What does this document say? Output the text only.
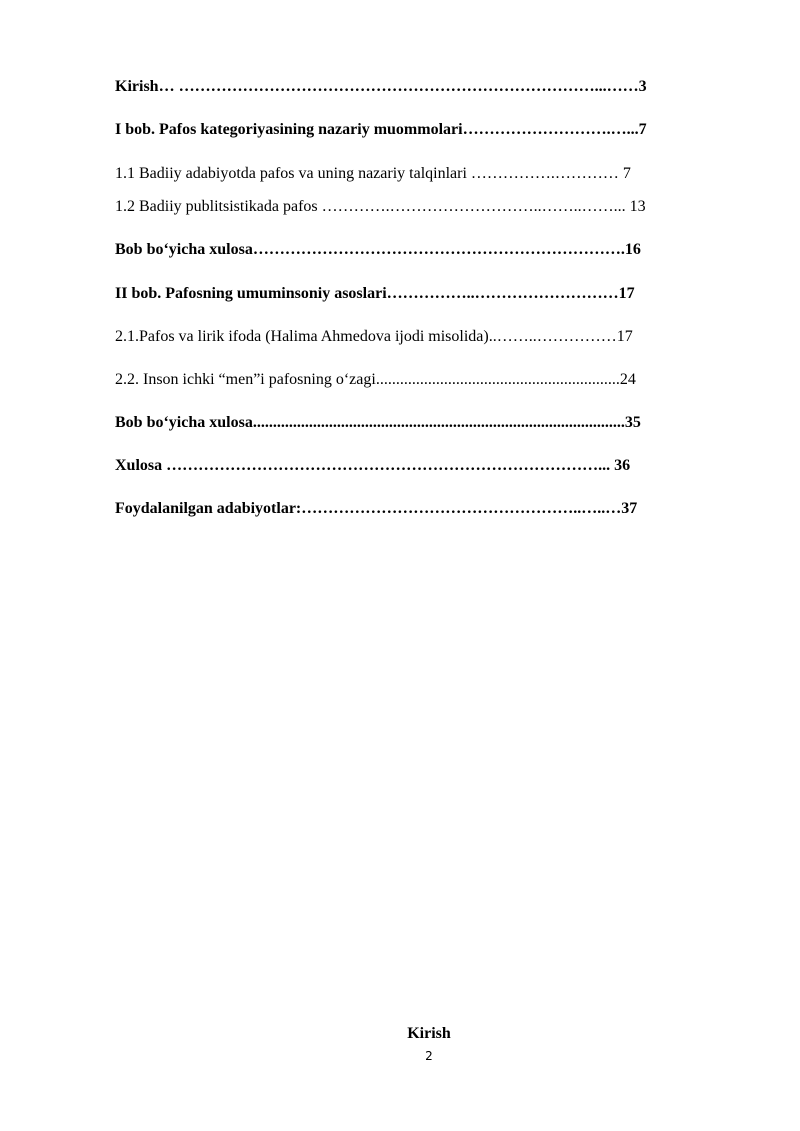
Kirish… ……………………………………………………………………...……3
I bob. Pafos kategoriyasining nazariy muommolari……………………….…...7
1.1 Badiiy adabiyotda pafos va uning nazariy talqinlari …………….………… 7
1.2 Badiiy publitsistikada pafos ………….………………………..……..……... 13
Bob bo‘yicha xulosa…………………………………………………………….16
II bob. Pafosning umuminsoniy asoslari……………..………………………17
2.1.Pafos va lirik ifoda (Halima Ahmedova ijodi misolida)..……..……………17
2.2. Inson ichki “men”i pafosning o‘zagi.............................................................24
Bob bo‘yicha xulosa.............................................................................................35
Xulosa ………………………………………………………………………... 36
Foydalanilgan adabiyotlar:……………………………………………..…..…37
Kirish
2
